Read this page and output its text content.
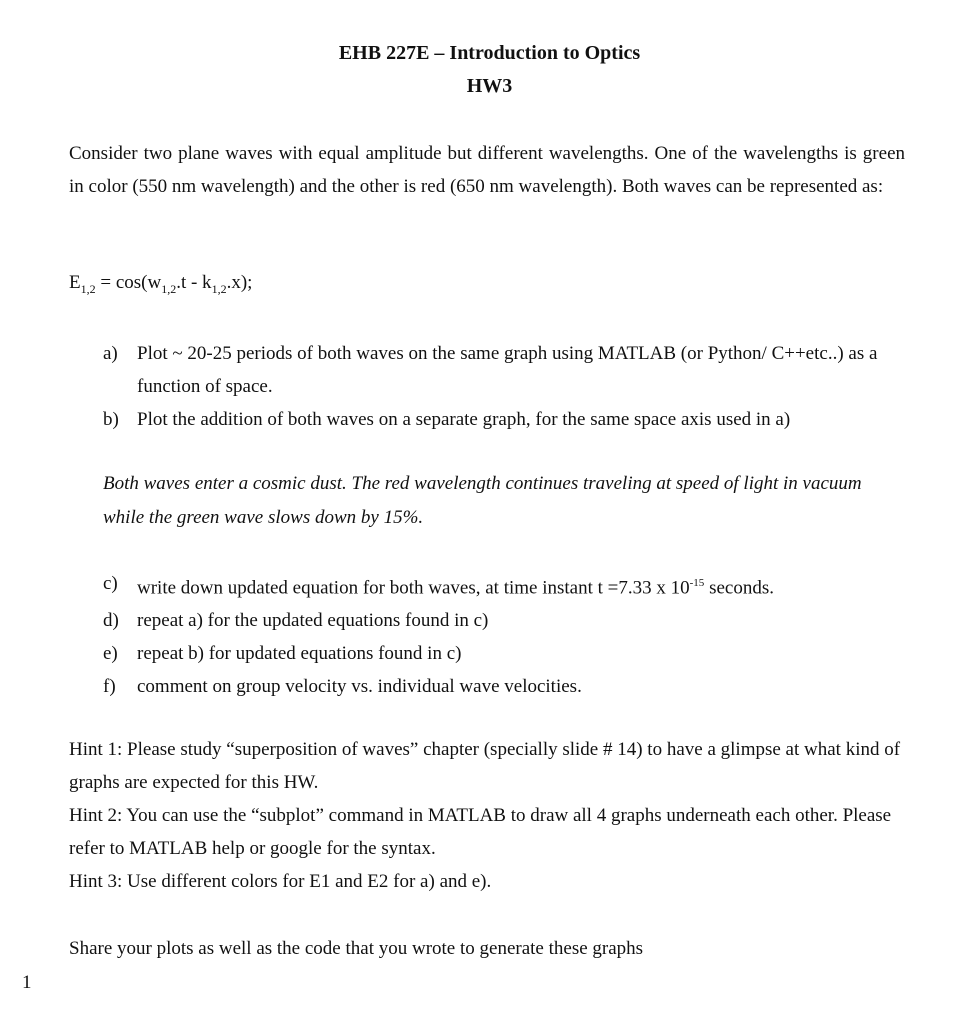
EHB 227E – Introduction to Optics
HW3
Consider two plane waves with equal amplitude but different wavelengths. One of the wavelengths is green in color (550 nm wavelength) and the other is red (650 nm wavelength). Both waves can be represented as:
$E_{1,2} = \cos(w_{1,2}.t - k_{1,2}.x)$;
a)	Plot ~ 20-25 periods of both waves on the same graph using MATLAB (or Python/ C++etc..) as a function of space.
b) Plot the addition of both waves on a separate graph, for the same space axis used in a)
Both waves enter a cosmic dust. The red wavelength continues traveling at speed of light in vacuum while the green wave slows down by 15%.
c)	write down updated equation for both waves, at time instant t =7.33 x $10^{-15}$ seconds.
d) repeat a) for the updated equations found in c)
e)	repeat b) for updated equations found in c)
f)	comment on group velocity vs. individual wave velocities.
Hint 1: Please study “superposition of waves” chapter (specially slide # 14) to have a glimpse at what kind of graphs are expected for this HW.
Hint 2: You can use the “subplot” command in MATLAB to draw all 4 graphs underneath each other. Please refer to MATLAB help or google for the syntax.
Hint 3: Use different colors for E1 and E2 for a) and e).
Share your plots as well as the code that you wrote to generate these graphs
1
